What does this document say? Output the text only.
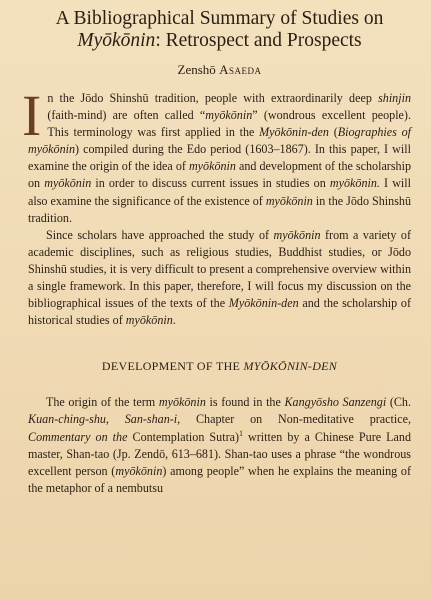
A Bibliographical Summary of Studies on
Myōkōnin: Retrospect and Prospects
Zenshō Asaeda

In the Jōdo Shinshū tradition, people with extraordinarily deep shinjin (faith-mind) are often called “myōkōnin” (wondrous excellent people). This terminology was first applied in the Myōkōnin-den (Biographies of myōkōnin) compiled during the Edo period (1603–1867). In this paper, I will examine the origin of the idea of myōkōnin and development of the scholarship on myōkōnin in order to discuss current issues in studies on myōkōnin. I will also examine the significance of the existence of myōkōnin in the Jōdo Shinshū tradition.

Since scholars have approached the study of myōkōnin from a variety of academic disciplines, such as religious studies, Buddhist studies, or Jōdo Shinshū studies, it is very difficult to present a comprehensive overview within a single framework. In this paper, therefore, I will focus my discussion on the bibliographical issues of the texts of the Myōkōnin-den and the scholarship of historical studies of myōkōnin.

DEVELOPMENT OF THE MYŌKŌNIN-DEN

The origin of the term myōkōnin is found in the Kangyōsho Sanzengi (Ch. Kuan-ching-shu, San-shan-i, Chapter on Non-meditative practice, Commentary on the Contemplation Sutra)$^1$ written by a Chinese Pure Land master, Shan-tao (Jp. Zendō, 613–681). Shan-tao uses a phrase “the wondrous excellent person (myōkōnin) among people” when he explains the meaning of the metaphor of a nembutsu
